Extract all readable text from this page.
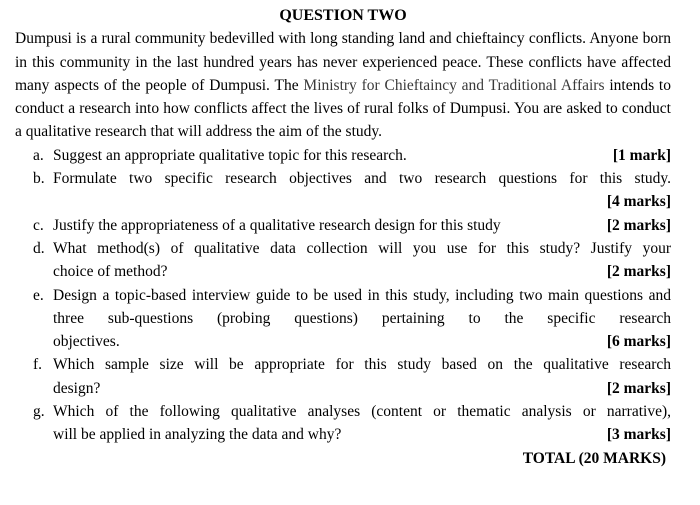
QUESTION TWO
Dumpusi is a rural community bedevilled with long standing land and chieftaincy conflicts. Anyone born in this community in the last hundred years has never experienced peace. These conflicts have affected many aspects of the people of Dumpusi. The Ministry for Chieftaincy and Traditional Affairs intends to conduct a research into how conflicts affect the lives of rural folks of Dumpusi. You are asked to conduct a qualitative research that will address the aim of the study.
a. Suggest an appropriate qualitative topic for this research.	[1 mark]
b. Formulate two specific research objectives and two research questions for this study.
[4 marks]
c. Justify the appropriateness of a qualitative research design for this study	[2 marks]
d. What method(s) of qualitative data collection will you use for this study? Justify your
choice of method?	[2 marks]
e. Design a topic-based interview guide to be used in this study, including two main questions and three sub-questions (probing questions) pertaining to the specific research
objectives.	[6 marks]
f. Which sample size will be appropriate for this study based on the qualitative research
design?	[2 marks]
g. Which of the following qualitative analyses (content or thematic analysis or narrative),
will be applied in analyzing the data and why?	[3 marks]
TOTAL (20 MARKS)
